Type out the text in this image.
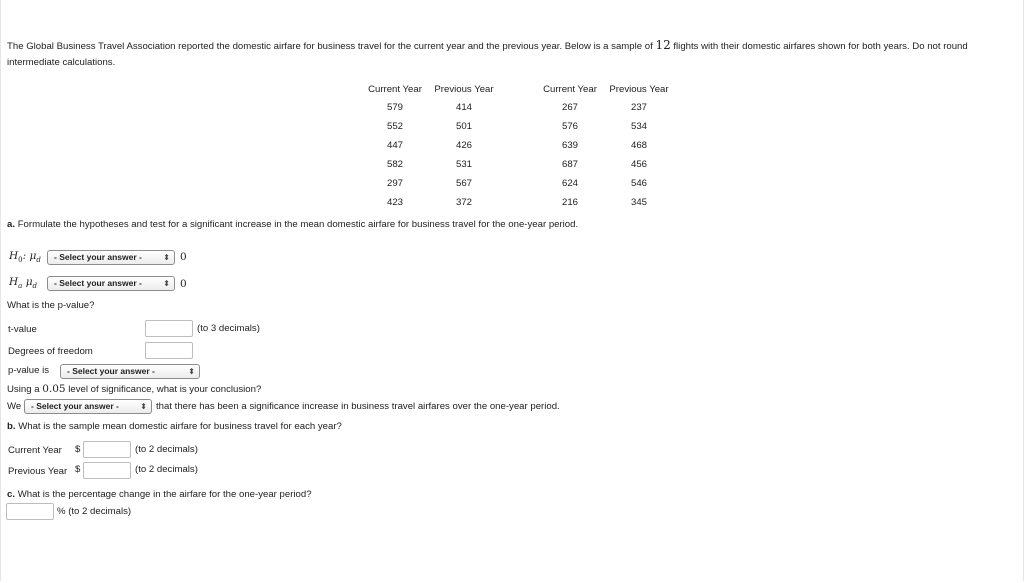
The Global Business Travel Association reported the domestic airfare for business travel for the current year and the previous year. Below is a sample of 12 flights with their domestic airfares shown for both years. Do not round intermediate calculations.
Current Year	Previous Year
579	414
552	501
447	426
582	531
297	567
423	372
Current Year	Previous Year
267	237
576	534
639	468
687	456
624	546
216	345
a. Formulate the hypotheses and test for a significant increase in the mean domestic airfare for business travel for the one-year period.
$H_0$: $\mu_d$	- Select your answer -	⬍ 0
$H_a$ $\mu_d$	- Select your answer -	⬍ 0
What is the p-value?
t-value	(to 3 decimals)
Degrees of freedom
p-value is	- Select your answer -	⬍
Using a 0.05 level of significance, what is your conclusion?
We	- Select your answer -	⬍ that there has been a significance increase in business travel airfares over the one-year period.
b. What is the sample mean domestic airfare for business travel for each year?
Current Year $	(to 2 decimals)
Previous Year $	(to 2 decimals)
c. What is the percentage change in the airfare for the one-year period?
% (to 2 decimals)
